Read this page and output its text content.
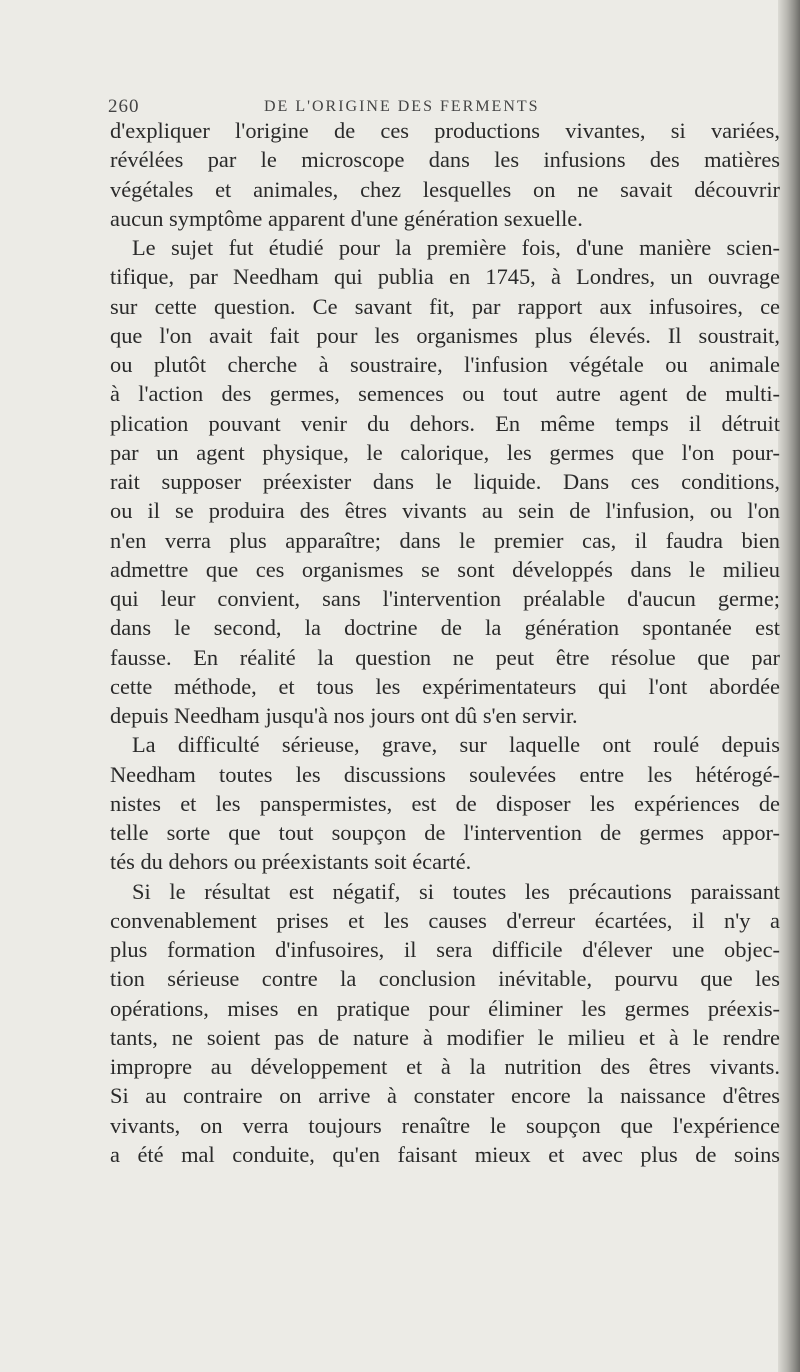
260	DE L'ORIGINE DES FERMENTS
d'expliquer l'origine de ces productions vivantes, si variées,
révélées par le microscope dans les infusions des matières
végétales et animales, chez lesquelles on ne savait découvrir
aucun symptôme apparent d'une génération sexuelle.
Le sujet fut étudié pour la première fois, d'une manière scien-
tifique, par Needham qui publia en 1745, à Londres, un ouvrage
sur cette question. Ce savant fit, par rapport aux infusoires, ce
que l'on avait fait pour les organismes plus élevés. Il soustrait,
ou plutôt cherche à soustraire, l'infusion végétale ou animale
à l'action des germes, semences ou tout autre agent de multi-
plication pouvant venir du dehors. En même temps il détruit
par un agent physique, le calorique, les germes que l'on pour-
rait supposer préexister dans le liquide. Dans ces conditions,
ou il se produira des êtres vivants au sein de l'infusion, ou l'on
n'en verra plus apparaître; dans le premier cas, il faudra bien
admettre que ces organismes se sont développés dans le milieu
qui leur convient, sans l'intervention préalable d'aucun germe;
dans le second, la doctrine de la génération spontanée est
fausse. En réalité la question ne peut être résolue que par
cette méthode, et tous les expérimentateurs qui l'ont abordée
depuis Needham jusqu'à nos jours ont dû s'en servir.
La difficulté sérieuse, grave, sur laquelle ont roulé depuis
Needham toutes les discussions soulevées entre les hétérogé-
nistes et les panspermistes, est de disposer les expériences de
telle sorte que tout soupçon de l'intervention de germes appor-
tés du dehors ou préexistants soit écarté.
Si le résultat est négatif, si toutes les précautions paraissant
convenablement prises et les causes d'erreur écartées, il n'y a
plus formation d'infusoires, il sera difficile d'élever une objec-
tion sérieuse contre la conclusion inévitable, pourvu que les
opérations, mises en pratique pour éliminer les germes préexis-
tants, ne soient pas de nature à modifier le milieu et à le rendre
impropre au développement et à la nutrition des êtres vivants.
Si au contraire on arrive à constater encore la naissance d'êtres
vivants, on verra toujours renaître le soupçon que l'expérience
a été mal conduite, qu'en faisant mieux et avec plus de soins
